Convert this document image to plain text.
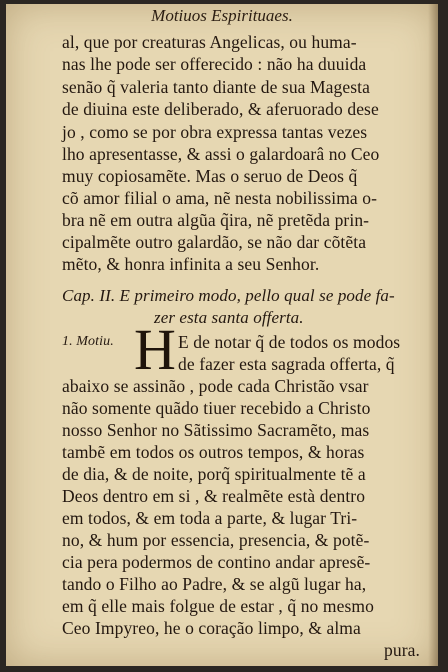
Motiuos Espirituaes.
al, que por creaturas Angelicas, ou huma-
nas lhe pode ser offerecido : não ha duuida
senão q̃ valeria tanto diante de sua Magesta
de diuina este deliberado, & aferuorado dese
jo , como se por obra expressa tantas vezes
lho apresentasse, & assi o galardoarâ no Ceo
muy copiosamẽte. Mas o seruo de Deos q̃
cõ amor filial o ama, nẽ nesta nobilissima o-
bra nẽ em outra algũa q̃ira, nẽ pretẽda prin-
cipalmẽte outro galardão, se não dar cõtẽta
mẽto, & honra infinita a seu Senhor.
Cap. II. E primeiro modo, pello qual se pode fa-
zer esta santa offerta.
1. Motiu. H E de notar q̃ de todos os modos
de fazer esta sagrada offerta, q̃
abaixo se assinão , pode cada Christão vsar
não somente quãdo tiuer recebido a Christo
nosso Senhor no Sãtissimo Sacramẽto, mas
tambẽ em todos os outros tempos, & horas
de dia, & de noite, porq̃ spiritualmente tẽ a
Deos dentro em si , & realmẽte està dentro
em todos, & em toda a parte, & lugar Tri-
no, & hum por essencia, presencia, & potẽ-
cia pera podermos de contino andar apresẽ-
tando o Filho ao Padre, & se algũ lugar ha,
em q̃ elle mais folgue de estar , q̃ no mesmo
Ceo Impyreo, he o coração limpo, & alma
pura.
